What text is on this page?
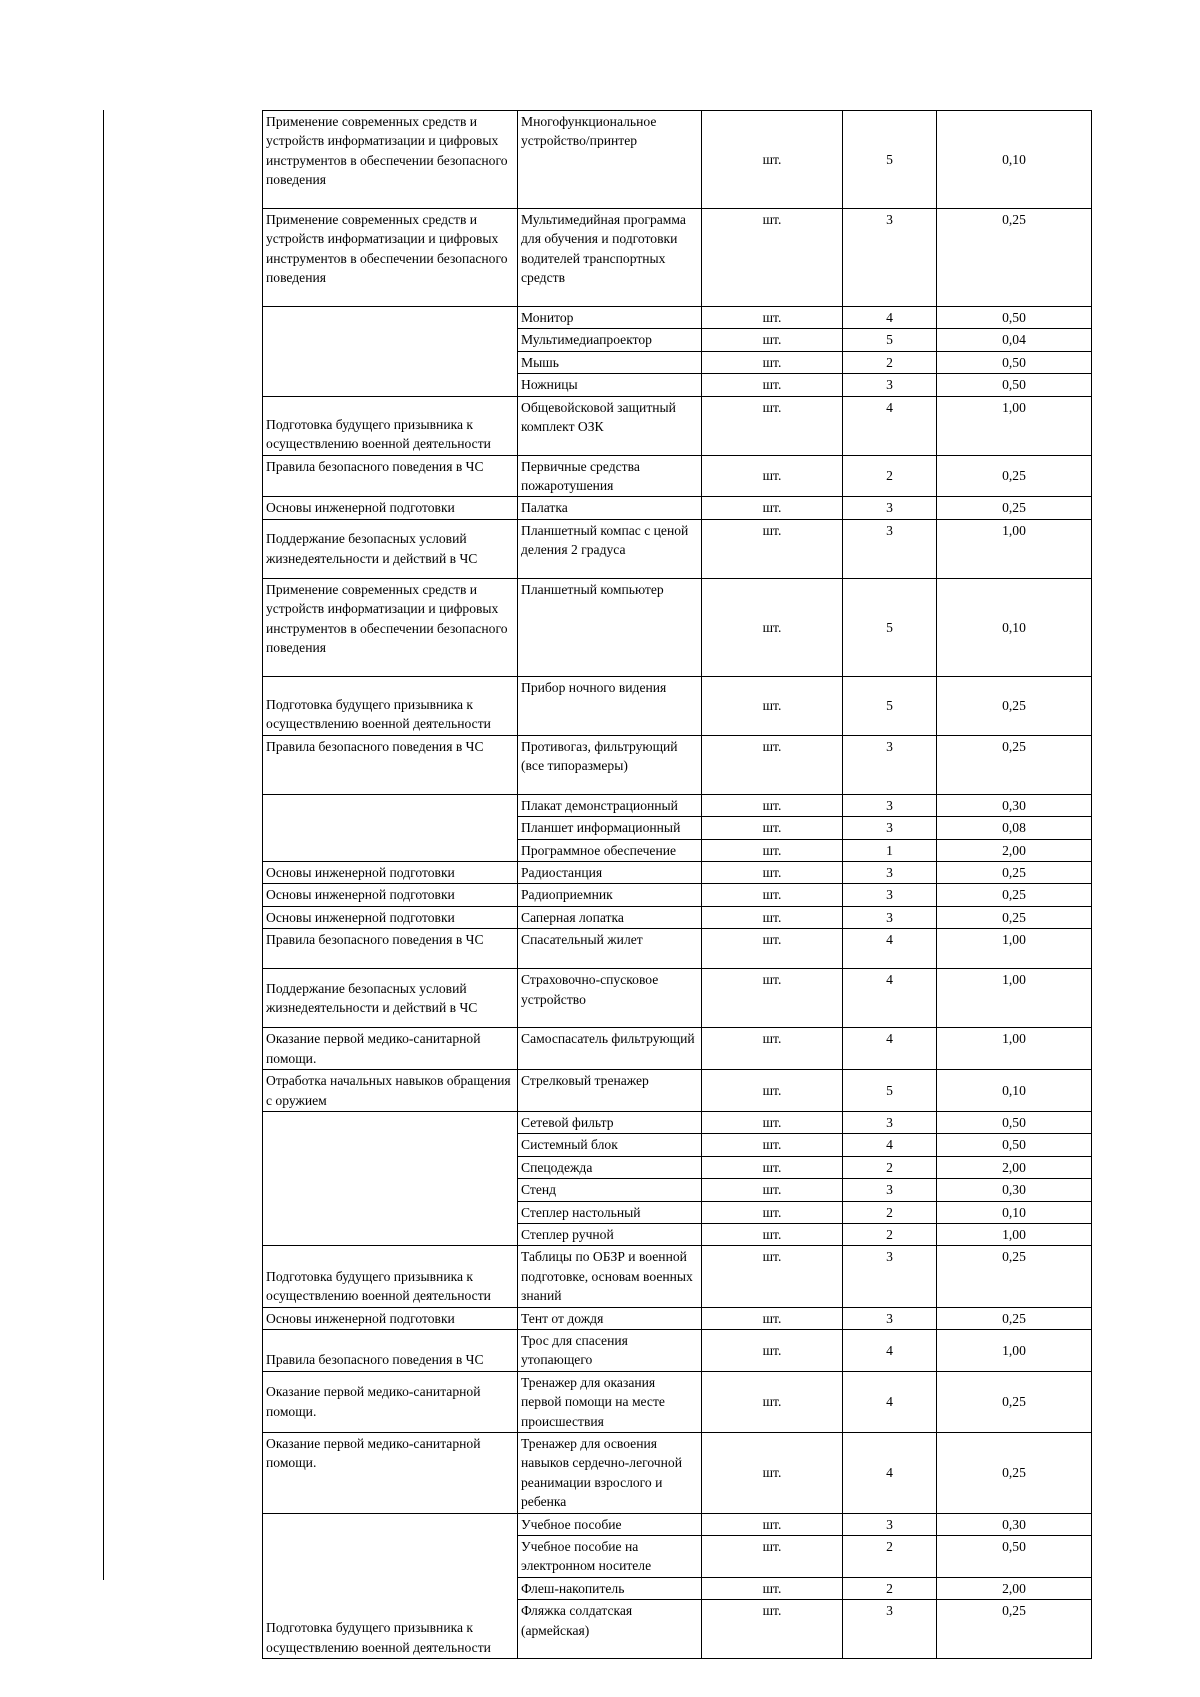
Применение современных средств и устройств информатизации и цифровых инструментов в обеспечении безопасного поведения	Многофункциональное устройство/принтер	шт.	5	0,10
Применение современных средств и устройств информатизации и цифровых инструментов в обеспечении безопасного поведения	Мультимедийная программа для обучения и подготовки водителей транспортных средств	шт.	3	0,25
	Монитор	шт.	4	0,50
	Мультимедиапроектор	шт.	5	0,04
	Мышь	шт.	2	0,50
	Ножницы	шт.	3	0,50
Подготовка будущего призывника к осуществлению военной деятельности	Общевойсковой защитный комплект ОЗК	шт.	4	1,00
Правила безопасного поведения в ЧС	Первичные средства пожаротушения	шт.	2	0,25
Основы инженерной подготовки	Палатка	шт.	3	0,25
Поддержание безопасных условий жизнедеятельности и действий в ЧС	Планшетный компас с ценой деления 2 градуса	шт.	3	1,00
Применение современных средств и устройств информатизации и цифровых инструментов в обеспечении безопасного поведения	Планшетный компьютер	шт.	5	0,10
Подготовка будущего призывника к осуществлению военной деятельности	Прибор ночного видения	шт.	5	0,25
Правила безопасного поведения в ЧС	Противогаз, фильтрующий (все типоразмеры)	шт.	3	0,25
	Плакат демонстрационный	шт.	3	0,30
	Планшет информационный	шт.	3	0,08
	Программное обеспечение	шт.	1	2,00
Основы инженерной подготовки	Радиостанция	шт.	3	0,25
Основы инженерной подготовки	Радиоприемник	шт.	3	0,25
Основы инженерной подготовки	Саперная лопатка	шт.	3	0,25
Правила безопасного поведения в ЧС	Спасательный жилет	шт.	4	1,00
Поддержание безопасных условий жизнедеятельности и действий в ЧС	Страховочно-спусковое устройство	шт.	4	1,00
Оказание первой медико-санитарной помощи.	Самоспасатель фильтрующий	шт.	4	1,00
Отработка начальных навыков обращения с оружием	Стрелковый тренажер	шт.	5	0,10
	Сетевой фильтр	шт.	3	0,50
	Системный блок	шт.	4	0,50
	Спецодежда	шт.	2	2,00
	Стенд	шт.	3	0,30
	Степлер настольный	шт.	2	0,10
	Степлер ручной	шт.	2	1,00
Подготовка будущего призывника к осуществлению военной деятельности	Таблицы по ОБЗР и военной подготовке, основам военных знаний	шт.	3	0,25
Основы инженерной подготовки	Тент от дождя	шт.	3	0,25
Правила безопасного поведения в ЧС	Трос для спасения утопающего	шт.	4	1,00
Оказание первой медико-санитарной помощи.	Тренажер для оказания первой помощи на месте происшествия	шт.	4	0,25
Оказание первой медико-санитарной помощи.	Тренажер для освоения навыков сердечно-легочной реанимации взрослого и ребенка	шт.	4	0,25
Подготовка будущего призывника к осуществлению военной деятельности	Учебное пособие	шт.	3	0,30
	Учебное пособие на электронном носителе	шт.	2	0,50
	Флеш-накопитель	шт.	2	2,00
	Фляжка солдатская (армейская)	шт.	3	0,25
